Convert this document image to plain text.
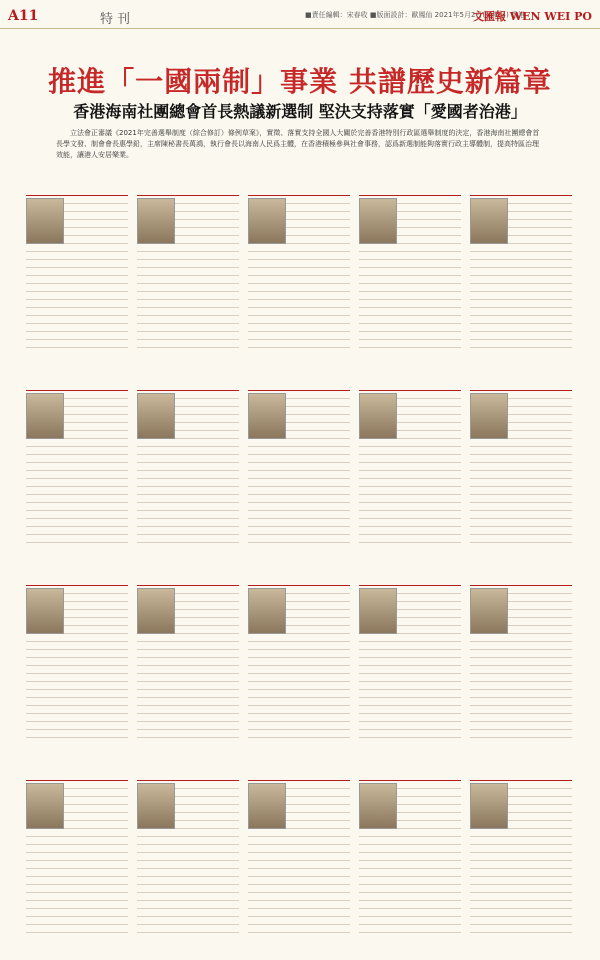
A11	特刊	■責任編輯：宋春收 ■版面設計：歐鳳仙 2021年5月2日(星期日) 香港
文匯報 WEN WEI PO
推進「一國兩制」事業 共譜歷史新篇章
香港海南社團總會首長熱議新選制 堅決支持落實「愛國者治港」
立法會正審議《2021年完善選舉制度（綜合修訂）條例草案》，實徵、落實支持全國人大關於完善香港特別行政區選舉制度的決定，香港海南社團總會首長學文發、制會會長惠學鉛，主席陳秘書長萬鴻，執行會長以海南人民爲主體，在香港積極參與社會事務，認爲新選制能夠落實行政主導體制，提高特區治理效能，讓港人安居樂業。
